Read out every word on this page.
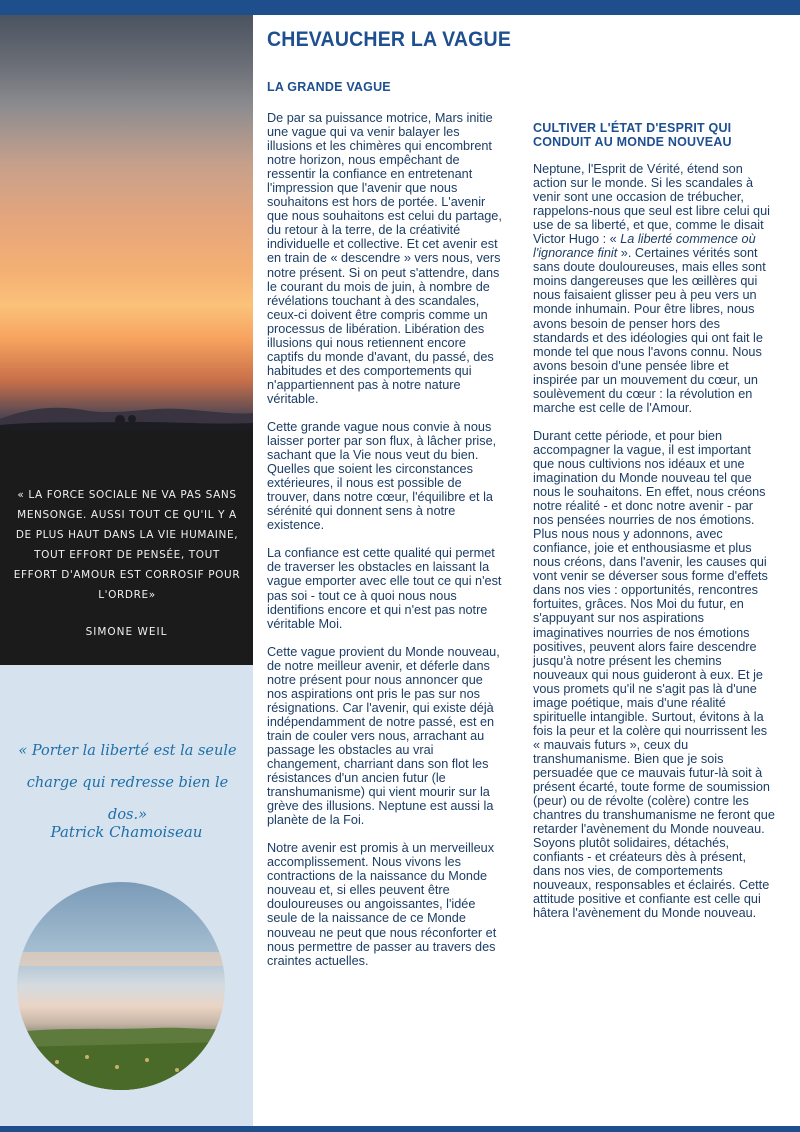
« LA FORCE SOCIALE NE VA PAS SANS MENSONGE. AUSSI TOUT CE QU'IL Y A DE PLUS HAUT DANS LA VIE HUMAINE, TOUT EFFORT DE PENSÉE, TOUT EFFORT D'AMOUR EST CORROSIF POUR L'ORDRE»
SIMONE WEIL
« Porter la liberté est la seule charge qui redresse bien le dos.»
Patrick Chamoiseau
CHEVAUCHER LA VAGUE
LA GRANDE VAGUE

De par sa puissance motrice, Mars initie une vague qui va venir balayer les illusions et les chimères qui encombrent notre horizon, nous empêchant de ressentir la confiance en entretenant l'impression que l'avenir que nous souhaitons est hors de portée. L'avenir que nous souhaitons est celui du partage, du retour à la terre, de la créativité individuelle et collective. Et cet avenir est en train de « descendre » vers nous, vers notre présent. Si on peut s'attendre, dans le courant du mois de juin, à nombre de révélations touchant à des scandales, ceux-ci doivent être compris comme un processus de libération. Libération des illusions qui nous retiennent encore captifs du monde d'avant, du passé, des habitudes et des comportements qui n'appartiennent pas à notre nature véritable.

Cette grande vague nous convie à nous laisser porter par son flux, à lâcher prise, sachant que la Vie nous veut du bien. Quelles que soient les circonstances extérieures, il nous est possible de trouver, dans notre cœur, l'équilibre et la sérénité qui donnent sens à notre existence.

La confiance est cette qualité qui permet de traverser les obstacles en laissant la vague emporter avec elle tout ce qui n'est pas soi - tout ce à quoi nous nous identifions encore et qui n'est pas notre véritable Moi.

Cette vague provient du Monde nouveau, de notre meilleur avenir, et déferle dans notre présent pour nous annoncer que nos aspirations ont pris le pas sur nos résignations. Car l'avenir, qui existe déjà indépendamment de notre passé, est en train de couler vers nous, arrachant au passage les obstacles au vrai changement, charriant dans son flot les résistances d'un ancien futur (le transhumanisme) qui vient mourir sur la grève des illusions. Neptune est aussi la planète de la Foi.

Notre avenir est promis à un merveilleux accomplissement. Nous vivons les contractions de la naissance du Monde nouveau et, si elles peuvent être douloureuses ou angoissantes, l'idée seule de la naissance de ce Monde nouveau ne peut que nous réconforter et nous permettre de passer au travers des craintes actuelles.

CULTIVER L'ÉTAT D'ESPRIT QUI CONDUIT AU MONDE NOUVEAU

Neptune, l'Esprit de Vérité, étend son action sur le monde. Si les scandales à venir sont une occasion de trébucher, rappelons-nous que seul est libre celui qui use de sa liberté, et que, comme le disait Victor Hugo : « La liberté commence où l'ignorance finit ». Certaines vérités sont sans doute douloureuses, mais elles sont moins dangereuses que les œillères qui nous faisaient glisser peu à peu vers un monde inhumain. Pour être libres, nous avons besoin de penser hors des standards et des idéologies qui ont fait le monde tel que nous l'avons connu. Nous avons besoin d'une pensée libre et inspirée par un mouvement du cœur, un soulèvement du cœur : la révolution en marche est celle de l'Amour.

Durant cette période, et pour bien accompagner la vague, il est important que nous cultivions nos idéaux et une imagination du Monde nouveau tel que nous le souhaitons. En effet, nous créons notre réalité - et donc notre avenir - par nos pensées nourries de nos émotions. Plus nous nous y adonnons, avec confiance, joie et enthousiasme et plus nous créons, dans l'avenir, les causes qui vont venir se déverser sous forme d'effets dans nos vies : opportunités, rencontres fortuites, grâces. Nos Moi du futur, en s'appuyant sur nos aspirations imaginatives nourries de nos émotions positives, peuvent alors faire descendre jusqu'à notre présent les chemins nouveaux qui nous guideront à eux. Et je vous promets qu'il ne s'agit pas là d'une image poétique, mais d'une réalité spirituelle intangible. Surtout, évitons à la fois la peur et la colère qui nourrissent les « mauvais futurs », ceux du transhumanisme. Bien que je sois persuadée que ce mauvais futur-là soit à présent écarté, toute forme de soumission (peur) ou de révolte (colère) contre les chantres du transhumanisme ne feront que retarder l'avènement du Monde nouveau. Soyons plutôt solidaires, détachés, confiants - et créateurs dès à présent, dans nos vies, de comportements nouveaux, responsables et éclairés. Cette attitude positive et confiante est celle qui hâtera l'avènement du Monde nouveau.
